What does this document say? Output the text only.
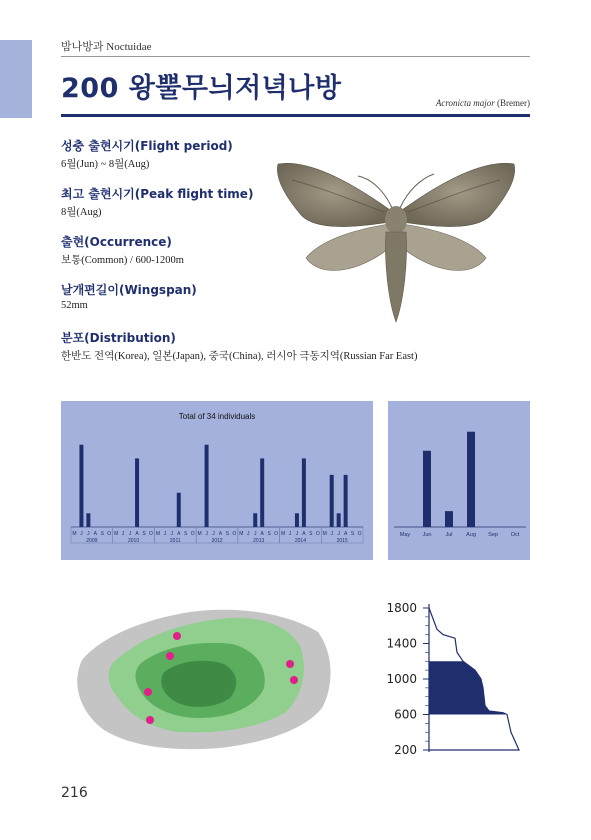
밤나방과 Noctuidae
200 왕뿔무늬저녁나방	Acronicta major (Bremer)
성충 출현시기(Flight period)
6월(Jun) ~ 8월(Aug)
최고 출현시기(Peak flight time)
8월(Aug)
출현(Occurrence)
보통(Common) / 600-1200m
날개편길이(Wingspan)
52mm
분포(Distribution)
한반도 전역(Korea), 일본(Japan), 중국(China), 러시아 극동지역(Russian Far East)
Total of 34 individuals
M J J A S O
2009
M J J A S O
2010
M J J A S O
2011
M J J A S O
2012
M J J A S O
2013
M J J A S O
2014
M J J A S O
2015
May Jun	Jul Aug Sep Oct
1800
1400
1000
600
200
216
